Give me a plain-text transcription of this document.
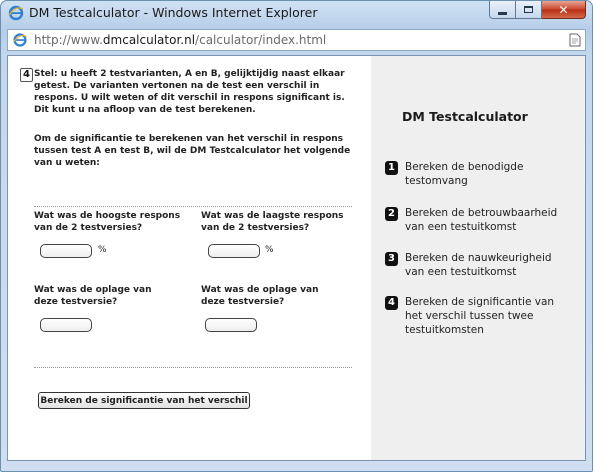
DM Testcalculator - Windows Internet Explorer	✕
http://www.dmcalculator.nl/calculator/index.html
DM Testcalculator
1 Bereken de benodigde
testomvang
2 Bereken de betrouwbaarheid
van een testuitkomst
3 Bereken de nauwkeurigheid
van een testuitkomst
4 Bereken de significantie van
het verschil tussen twee
testuitkomsten
4 Stel: u heeft 2 testvarianten, A en B, gelijktijdig naast elkaar
getest. De varianten vertonen na de test een verschil in
respons. U wilt weten of dit verschil in respons significant is.
Dit kunt u na afloop van de test berekenen.
Om de significantie te berekenen van het verschil in respons
tussen test A en test B, wil de DM Testcalculator het volgende
van u weten:
Wat was de hoogste respons
van de 2 testversies?
Wat was de laagste respons
van de 2 testversies?
%	%
Wat was de oplage van
deze testversie?
Wat was de oplage van
deze testversie?
Bereken de significantie van het verschil
